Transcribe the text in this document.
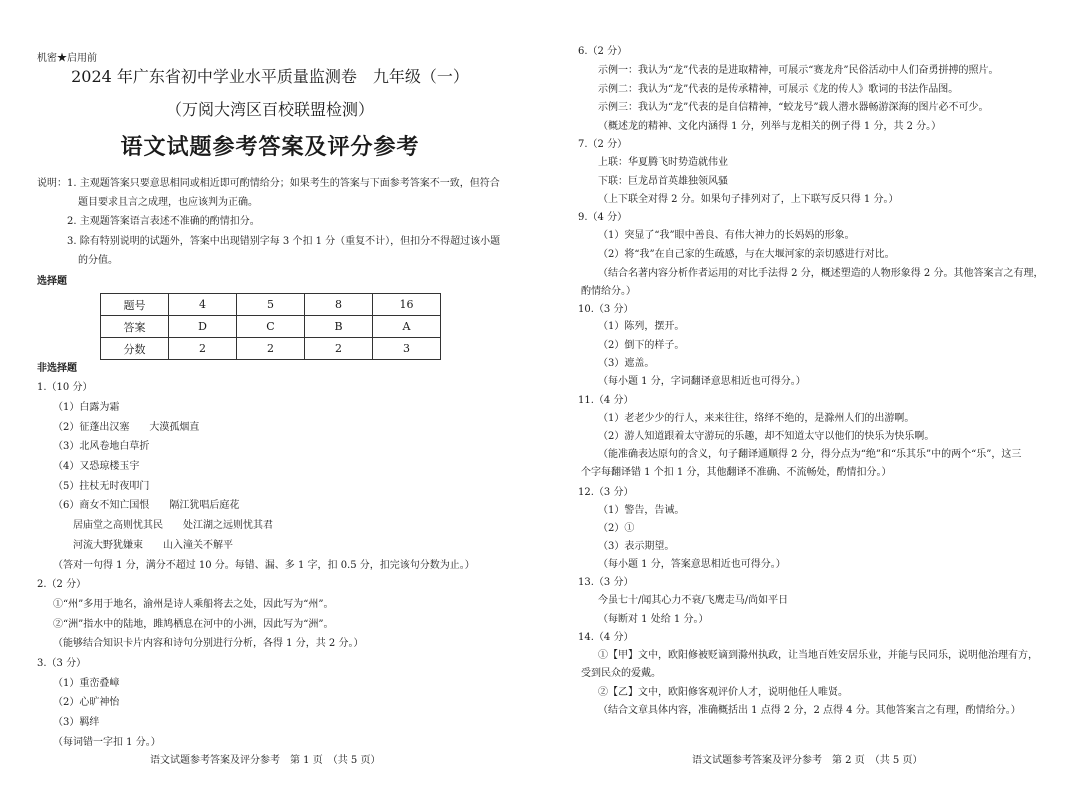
机密★启用前
2024 年广东省初中学业水平质量监测卷　九年级（一）
（万阅大湾区百校联盟检测）
语文试题参考答案及评分参考
说明：1. 主观题答案只要意思相同或相近即可酌情给分；如果考生的答案与下面参考答案不一致，但符合
题目要求且言之成理，也应该判为正确。
2. 主观题答案语言表述不准确的酌情扣分。
3. 除有特别说明的试题外，答案中出现错别字每 3 个扣 1 分（重复不计），但扣分不得超过该小题
的分值。
选择题
题号	4	5	8	16
答案	D	C	B	A
分数	2	2	2	3
非选择题
1.（10 分）
（1）白露为霜
（2）征蓬出汉塞　　大漠孤烟直
（3）北风卷地白草折
（4）又恐琼楼玉宇
（5）拄杖无时夜叩门
（6）商女不知亡国恨　　隔江犹唱后庭花
居庙堂之高则忧其民　　处江湖之远则忧其君
河流大野犹嫌束　　山入潼关不解平
（答对一句得 1 分，满分不超过 10 分。每错、漏、多 1 字，扣 0.5 分，扣完该句分数为止。）
2.（2 分）
①“州”多用于地名，渝州是诗人乘船将去之处，因此写为“州”。
②“洲”指水中的陆地，雎鸠栖息在河中的小洲，因此写为“洲”。
（能够结合知识卡片内容和诗句分别进行分析，各得 1 分，共 2 分。）
3.（3 分）
（1）重峦叠嶂
（2）心旷神怡
（3）羁绊
（每词错一字扣 1 分。）
语文试题参考答案及评分参考　第 1 页　（共 5 页）
6.（2 分）
示例一：我认为“龙”代表的是进取精神，可展示“赛龙舟”民俗活动中人们奋勇拼搏的照片。
示例二：我认为“龙”代表的是传承精神，可展示《龙的传人》歌词的书法作品图。
示例三：我认为“龙”代表的是自信精神，“蛟龙号”载人潜水器畅游深海的图片必不可少。
（概述龙的精神、文化内涵得 1 分，列举与龙相关的例子得 1 分，共 2 分。）
7.（2 分）
上联：华夏腾飞时势造就伟业
下联：巨龙昂首英雄独领风骚
（上下联全对得 2 分。如果句子排列对了，上下联写反只得 1 分。）
9.（4 分）
（1）突显了“我”眼中善良、有伟大神力的长妈妈的形象。
（2）将“我”在自己家的生疏感，与在大堰河家的亲切感进行对比。
（结合名著内容分析作者运用的对比手法得 2 分，概述塑造的人物形象得 2 分。其他答案言之有理，
酌情给分。）
10.（3 分）
（1）陈列，摆开。
（2）倒下的样子。
（3）遮盖。
（每小题 1 分，字词翻译意思相近也可得分。）
11.（4 分）
（1）老老少少的行人，来来往往，络绎不绝的，是滁州人们的出游啊。
（2）游人知道跟着太守游玩的乐趣，却不知道太守以他们的快乐为快乐啊。
（能准确表达原句的含义，句子翻译通顺得 2 分，得分点为“绝”和“乐其乐”中的两个“乐”，这三
个字每翻译错 1 个扣 1 分，其他翻译不准确、不流畅处，酌情扣分。）
12.（3 分）
（1）警告，告诫。
（2）①
（3）表示期望。
（每小题 1 分，答案意思相近也可得分。）
13.（3 分）
今虽七十/闻其心力不衰/飞鹰走马/尚如平日
（每断对 1 处给 1 分。）
14.（4 分）
①【甲】文中，欧阳修被贬谪到滁州执政，让当地百姓安居乐业，并能与民同乐，说明他治理有方，
受到民众的爱戴。
②【乙】文中，欧阳修客观评价人才，说明他任人唯贤。
（结合文章具体内容，准确概括出 1 点得 2 分，2 点得 4 分。其他答案言之有理，酌情给分。）
语文试题参考答案及评分参考　第 2 页　（共 5 页）
